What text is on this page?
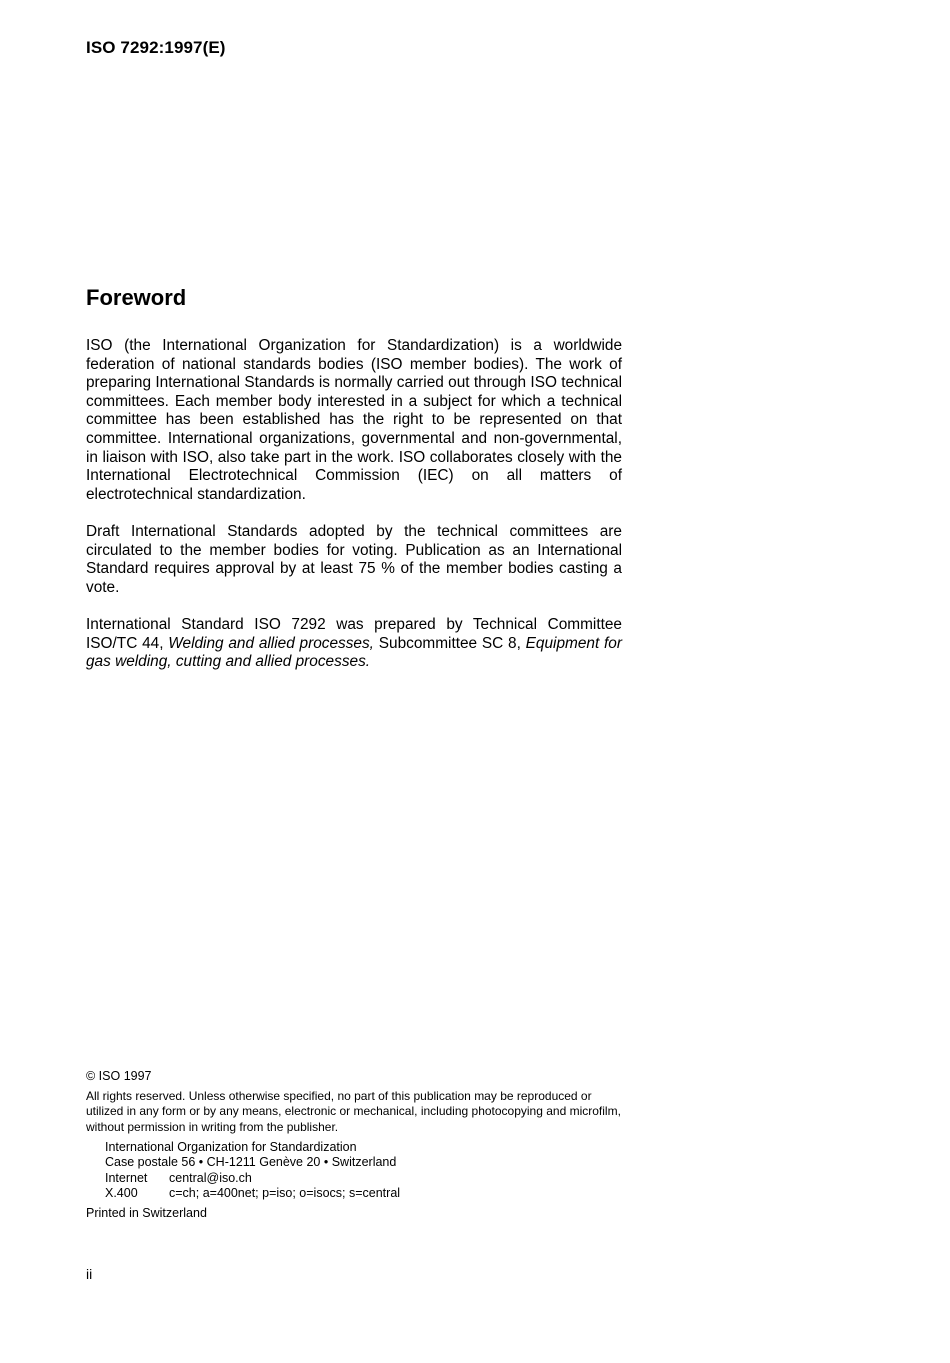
ISO 7292:1997(E)
Foreword

ISO (the International Organization for Standardization) is a worldwide federation of national standards bodies (ISO member bodies). The work of preparing International Standards is normally carried out through ISO technical committees. Each member body interested in a subject for which a technical committee has been established has the right to be represented on that committee. International organizations, governmental and non-governmental, in liaison with ISO, also take part in the work. ISO collaborates closely with the International Electrotechnical Commission (IEC) on all matters of electrotechnical standardization.

Draft International Standards adopted by the technical committees are circulated to the member bodies for voting. Publication as an International Standard requires approval by at least 75 % of the member bodies casting a vote.

International Standard ISO 7292 was prepared by Technical Committee ISO/TC 44, Welding and allied processes, Subcommittee SC 8, Equipment for gas welding, cutting and allied processes.

© ISO 1997

All rights reserved. Unless otherwise specified, no part of this publication may be reproduced or utilized in any form or by any means, electronic or mechanical, including photocopying and microfilm, without permission in writing from the publisher.

International Organization for Standardization
Case postale 56 • CH-1211 Genève 20 • Switzerland
Internet central@iso.ch
X.400	c=ch; a=400net; p=iso; o=isocs; s=central
Printed in Switzerland
ii
